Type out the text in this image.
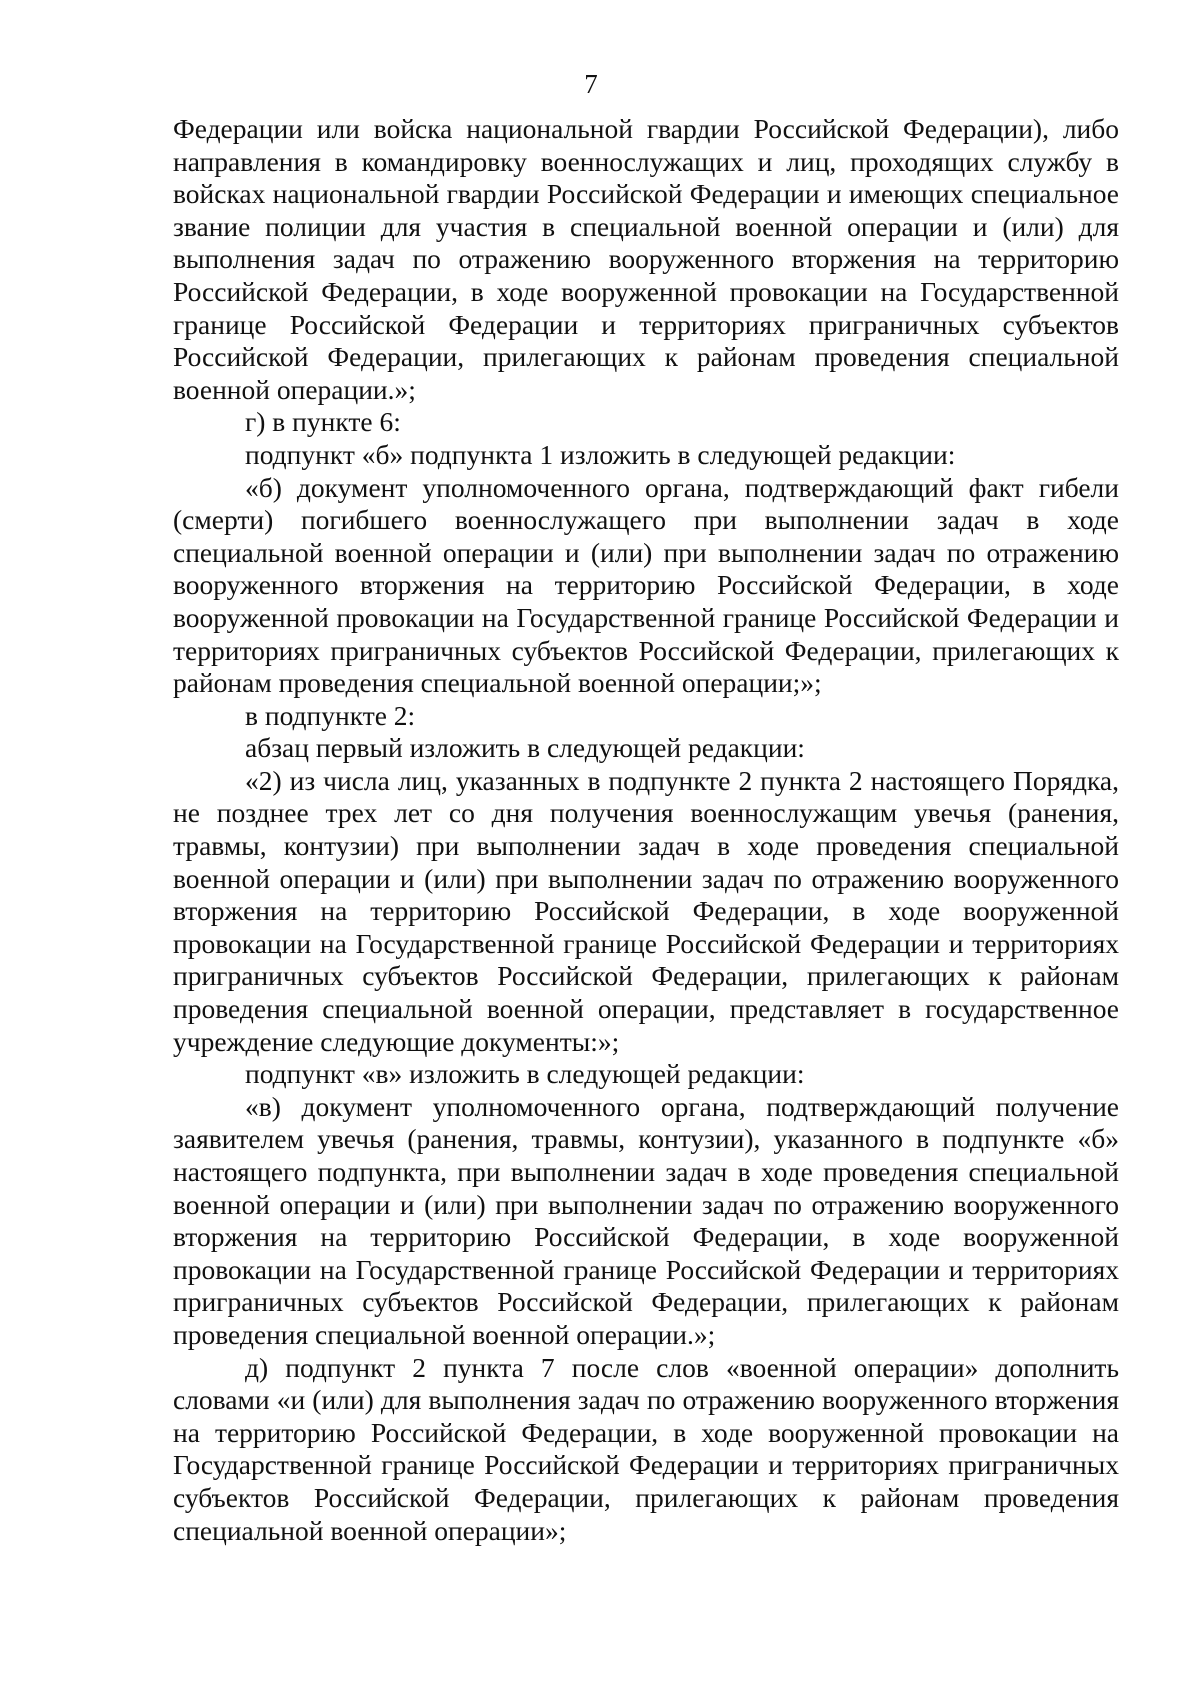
7

Федерации или войска национальной гвардии Российской Федерации), либо направления в командировку военнослужащих и лиц, проходящих службу в войсках национальной гвардии Российской Федерации и имеющих специальное звание полиции для участия в специальной военной операции и (или) для выполнения задач по отражению вооруженного вторжения на территорию Российской Федерации, в ходе вооруженной провокации на Государственной границе Российской Федерации и территориях приграничных субъектов Российской Федерации, прилегающих к районам проведения специальной военной операции.»;

г) в пункте 6:

подпункт «б» подпункта 1 изложить в следующей редакции:

«б) документ уполномоченного органа, подтверждающий факт гибели (смерти) погибшего военнослужащего при выполнении задач в ходе специальной военной операции и (или) при выполнении задач по отражению вооруженного вторжения на территорию Российской Федерации, в ходе вооруженной провокации на Государственной границе Российской Федерации и территориях приграничных субъектов Российской Федерации, прилегающих к районам проведения специальной военной операции;»;

в подпункте 2:

абзац первый изложить в следующей редакции:

«2) из числа лиц, указанных в подпункте 2 пункта 2 настоящего Порядка, не позднее трех лет со дня получения военнослужащим увечья (ранения, травмы, контузии) при выполнении задач в ходе проведения специальной военной операции и (или) при выполнении задач по отражению вооруженного вторжения на территорию Российской Федерации, в ходе вооруженной провокации на Государственной границе Российской Федерации и территориях приграничных субъектов Российской Федерации, прилегающих к районам проведения специальной военной операции, представляет в государственное учреждение следующие документы:»;

подпункт «в» изложить в следующей редакции:

«в) документ уполномоченного органа, подтверждающий получение заявителем увечья (ранения, травмы, контузии), указанного в подпункте «б» настоящего подпункта, при выполнении задач в ходе проведения специальной военной операции и (или) при выполнении задач по отражению вооруженного вторжения на территорию Российской Федерации, в ходе вооруженной провокации на Государственной границе Российской Федерации и территориях приграничных субъектов Российской Федерации, прилегающих к районам проведения специальной военной операции.»;

д) подпункт 2 пункта 7 после слов «военной операции» дополнить словами «и (или) для выполнения задач по отражению вооруженного вторжения на территорию Российской Федерации, в ходе вооруженной провокации на Государственной границе Российской Федерации и территориях приграничных субъектов Российской Федерации, прилегающих к районам проведения специальной военной операции»;
